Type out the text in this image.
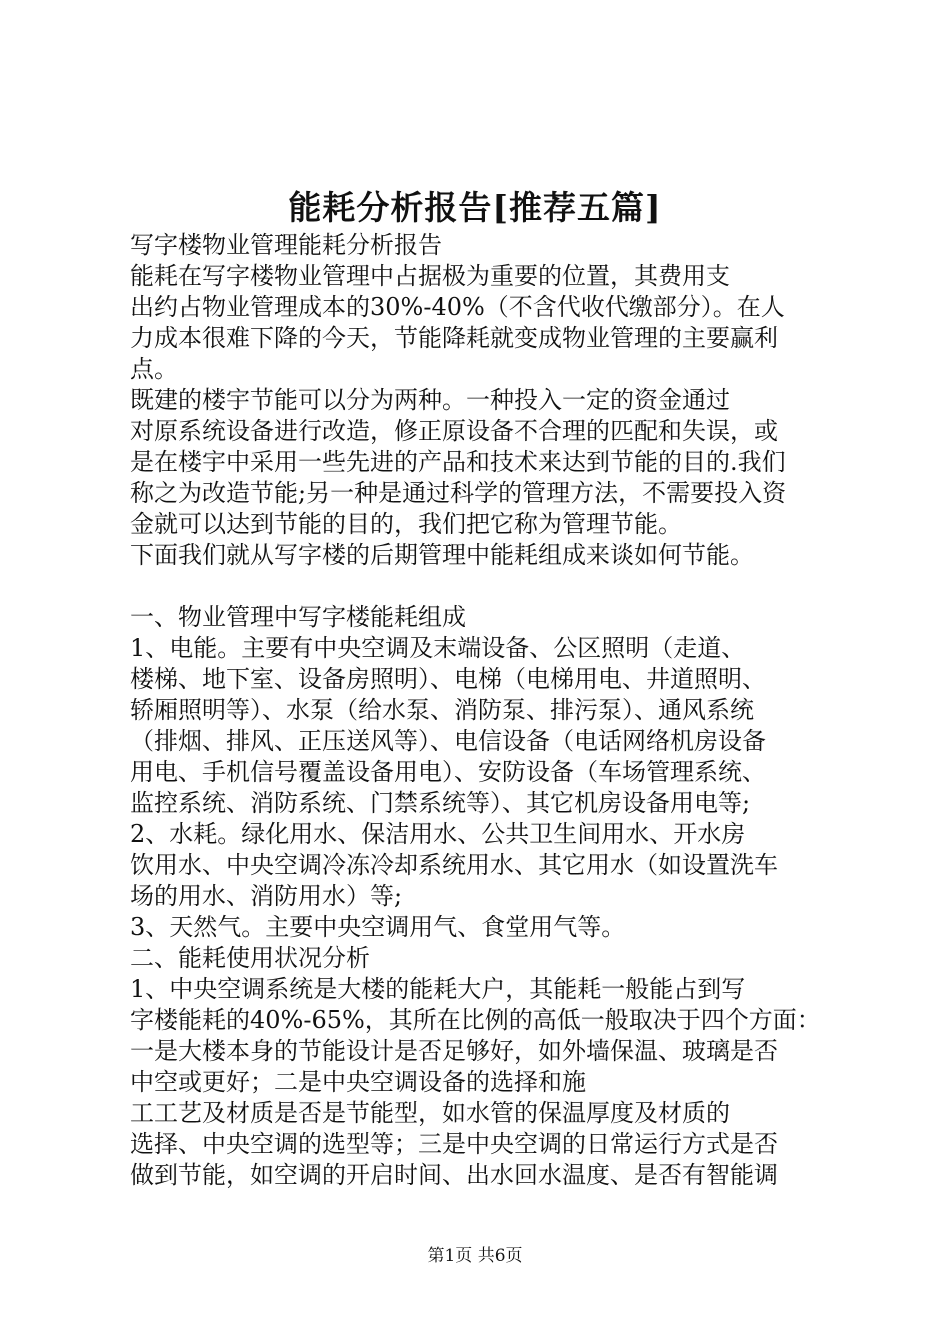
能耗分析报告[推荐五篇]
写字楼物业管理能耗分析报告
能耗在写字楼物业管理中占据极为重要的位置，其费用支
出约占物业管理成本的30%-40%（不含代收代缴部分）。在人
力成本很难下降的今天，节能降耗就变成物业管理的主要赢利
点。
既建的楼宇节能可以分为两种。一种投入一定的资金通过
对原系统设备进行改造，修正原设备不合理的匹配和失误，或
是在楼宇中采用一些先进的产品和技术来达到节能的目的.我们
称之为改造节能;另一种是通过科学的管理方法，不需要投入资
金就可以达到节能的目的，我们把它称为管理节能。
下面我们就从写字楼的后期管理中能耗组成来谈如何节能。
一、物业管理中写字楼能耗组成
1、电能。主要有中央空调及末端设备、公区照明（走道、
楼梯、地下室、设备房照明）、电梯（电梯用电、井道照明、
轿厢照明等）、水泵（给水泵、消防泵、排污泵）、通风系统
（排烟、排风、正压送风等）、电信设备（电话网络机房设备
用电、手机信号覆盖设备用电）、安防设备（车场管理系统、
监控系统、消防系统、门禁系统等）、其它机房设备用电等;
2、水耗。绿化用水、保洁用水、公共卫生间用水、开水房
饮用水、中央空调冷冻冷却系统用水、其它用水（如设置洗车
场的用水、消防用水）等;
3、天然气。主要中央空调用气、食堂用气等。
二、能耗使用状况分析
1、中央空调系统是大楼的能耗大户，其能耗一般能占到写
字楼能耗的40%-65%，其所在比例的高低一般取决于四个方面：
一是大楼本身的节能设计是否足够好，如外墙保温、玻璃是否
中空或更好；二是中央空调设备的选择和施
工工艺及材质是否是节能型，如水管的保温厚度及材质的
选择、中央空调的选型等；三是中央空调的日常运行方式是否
做到节能，如空调的开启时间、出水回水温度、是否有智能调
第1页 共6页
